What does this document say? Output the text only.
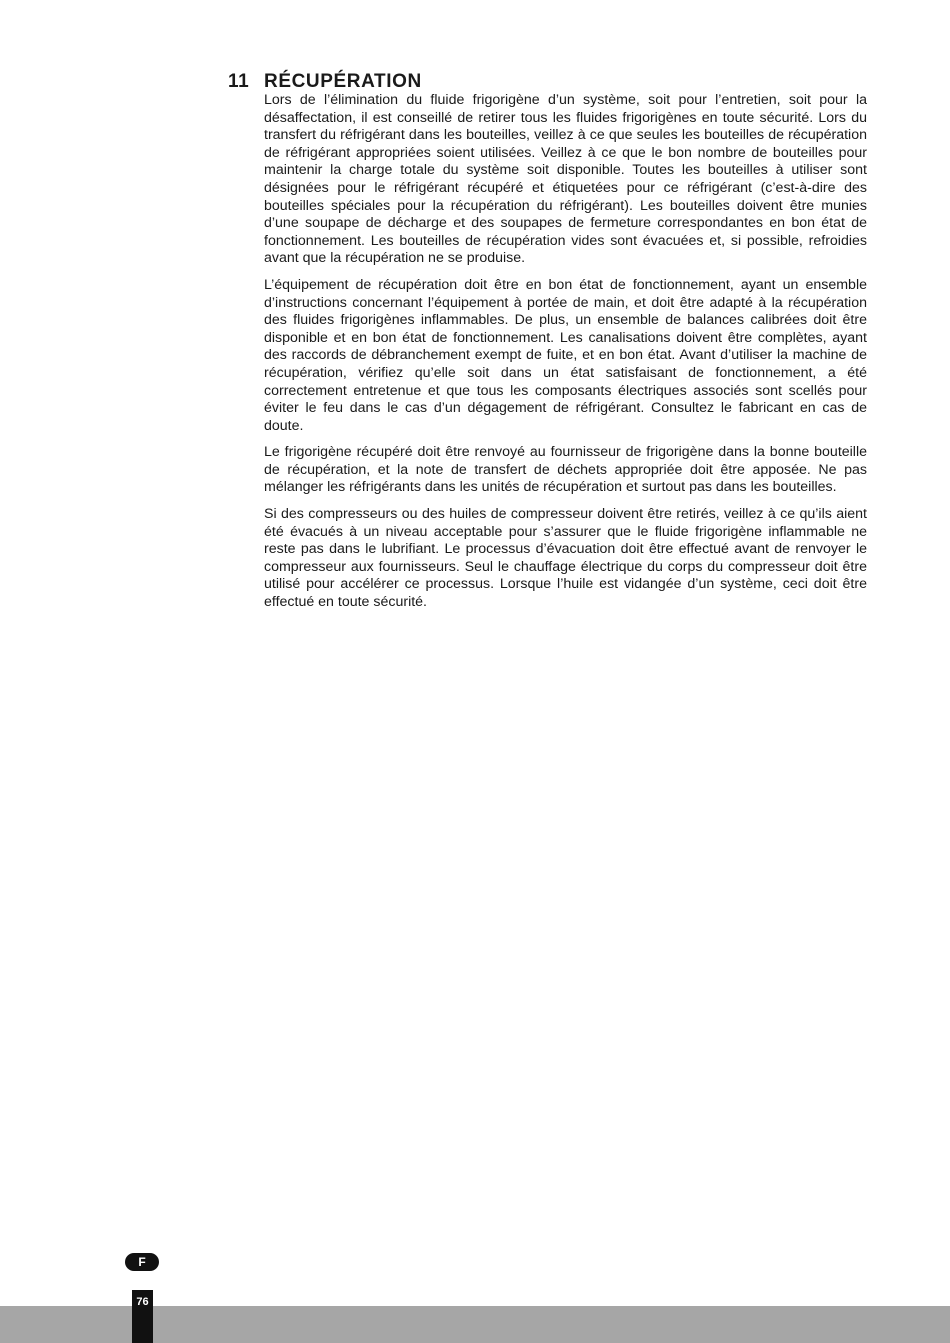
11 RÉCUPÉRATION

Lors de l’élimination du fluide frigorigène d’un système, soit pour l’entretien, soit pour la désaffectation, il est conseillé de retirer tous les fluides frigorigènes en toute sécurité. Lors du transfert du réfrigérant dans les bouteilles, veillez à ce que seules les bouteilles de récupération de réfrigérant appropriées soient utilisées. Veillez à ce que le bon nombre de bouteilles pour maintenir la charge totale du système soit disponible. Toutes les bouteilles à utiliser sont désignées pour le réfrigérant récupéré et étiquetées pour ce réfrigérant (c’est-à-dire des bouteilles spéciales pour la récupération du réfrigérant). Les bouteilles doivent être munies d’une soupape de décharge et des soupapes de fermeture correspondantes en bon état de fonctionnement. Les bouteilles de récupération vides sont évacuées et, si possible, refroidies avant que la récupération ne se produise.

L’équipement de récupération doit être en bon état de fonctionnement, ayant un ensemble d’instructions concernant l’équipement à portée de main, et doit être adapté à la récupération des fluides frigorigènes inflammables. De plus, un ensemble de balances calibrées doit être disponible et en bon état de fonctionnement. Les canalisations doivent être complètes, ayant des raccords de débranchement exempt de fuite, et en bon état. Avant d’utiliser la machine de récupération, vérifiez qu’elle soit dans un état satisfaisant de fonctionnement, a été correctement entretenue et que tous les composants électriques associés sont scellés pour éviter le feu dans le cas d’un dégagement de réfrigérant. Consultez le fabricant en cas de doute.

Le frigorigène récupéré doit être renvoyé au fournisseur de frigorigène dans la bonne bouteille de récupération, et la note de transfert de déchets appropriée doit être apposée. Ne pas mélanger les réfrigérants dans les unités de récupération et surtout pas dans les bouteilles.

Si des compresseurs ou des huiles de compresseur doivent être retirés, veillez à ce qu’ils aient été évacués à un niveau acceptable pour s’assurer que le fluide frigorigène inflammable ne reste pas dans le lubrifiant. Le processus d’évacuation doit être effectué avant de renvoyer le compresseur aux fournisseurs. Seul le chauffage électrique du corps du compresseur doit être utilisé pour accélérer ce processus. Lorsque l’huile est vidangée d’un système, ceci doit être effectué en toute sécurité.

F
76
